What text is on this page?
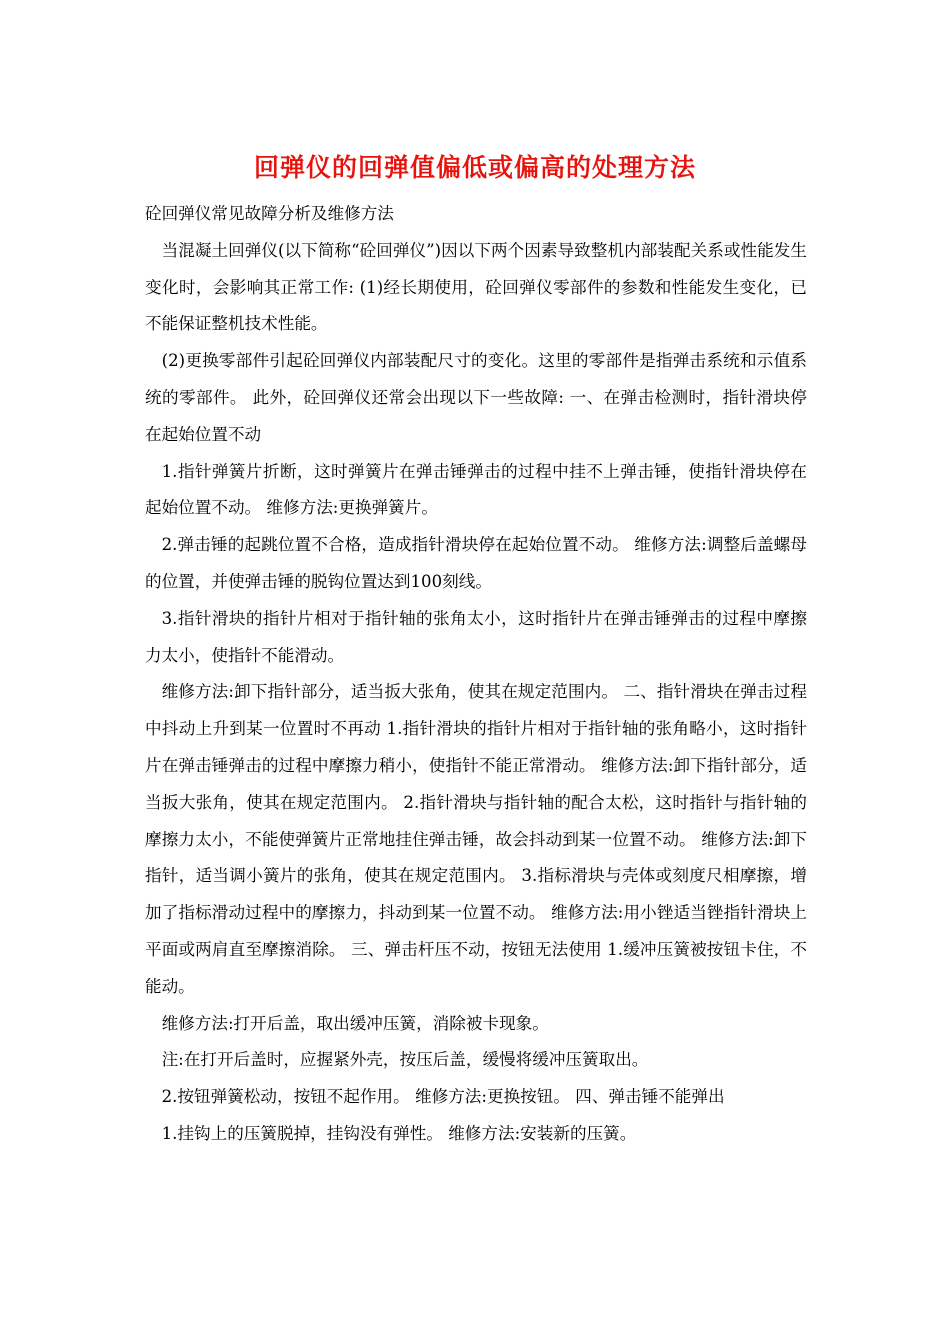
回弹仪的回弹值偏低或偏高的处理方法

砼回弹仪常见故障分析及维修方法

当混凝土回弹仪(以下简称“砼回弹仪”)因以下两个因素导致整机内部装配关系或性能发生变化时，会影响其正常工作: (1)经长期使用，砼回弹仪零部件的参数和性能发生变化，已不能保证整机技术性能。

(2)更换零部件引起砼回弹仪内部装配尺寸的变化。这里的零部件是指弹击系统和示值系统的零部件。 此外，砼回弹仪还常会出现以下一些故障: 一、在弹击检测时，指针滑块停在起始位置不动

1.指针弹簧片折断，这时弹簧片在弹击锤弹击的过程中挂不上弹击锤，使指针滑块停在起始位置不动。 维修方法:更换弹簧片。

2.弹击锤的起跳位置不合格，造成指针滑块停在起始位置不动。 维修方法:调整后盖螺母的位置，并使弹击锤的脱钩位置达到100刻线。

3.指针滑块的指针片相对于指针轴的张角太小，这时指针片在弹击锤弹击的过程中摩擦力太小，使指针不能滑动。

维修方法:卸下指针部分，适当扳大张角，使其在规定范围内。 二、指针滑块在弹击过程中抖动上升到某一位置时不再动 1.指针滑块的指针片相对于指针轴的张角略小，这时指针片在弹击锤弹击的过程中摩擦力稍小，使指针不能正常滑动。 维修方法:卸下指针部分，适当扳大张角，使其在规定范围内。 2.指针滑块与指针轴的配合太松，这时指针与指针轴的摩擦力太小，不能使弹簧片正常地挂住弹击锤，故会抖动到某一位置不动。 维修方法:卸下指针，适当调小簧片的张角，使其在规定范围内。 3.指标滑块与壳体或刻度尺相摩擦，增加了指标滑动过程中的摩擦力，抖动到某一位置不动。 维修方法:用小锉适当锉指针滑块上平面或两肩直至摩擦消除。 三、弹击杆压不动，按钮无法使用 1.缓冲压簧被按钮卡住，不能动。

维修方法:打开后盖，取出缓冲压簧，消除被卡现象。

注:在打开后盖时，应握紧外壳，按压后盖，缓慢将缓冲压簧取出。

2.按钮弹簧松动，按钮不起作用。 维修方法:更换按钮。 四、弹击锤不能弹出

1.挂钩上的压簧脱掉，挂钩没有弹性。 维修方法:安装新的压簧。
